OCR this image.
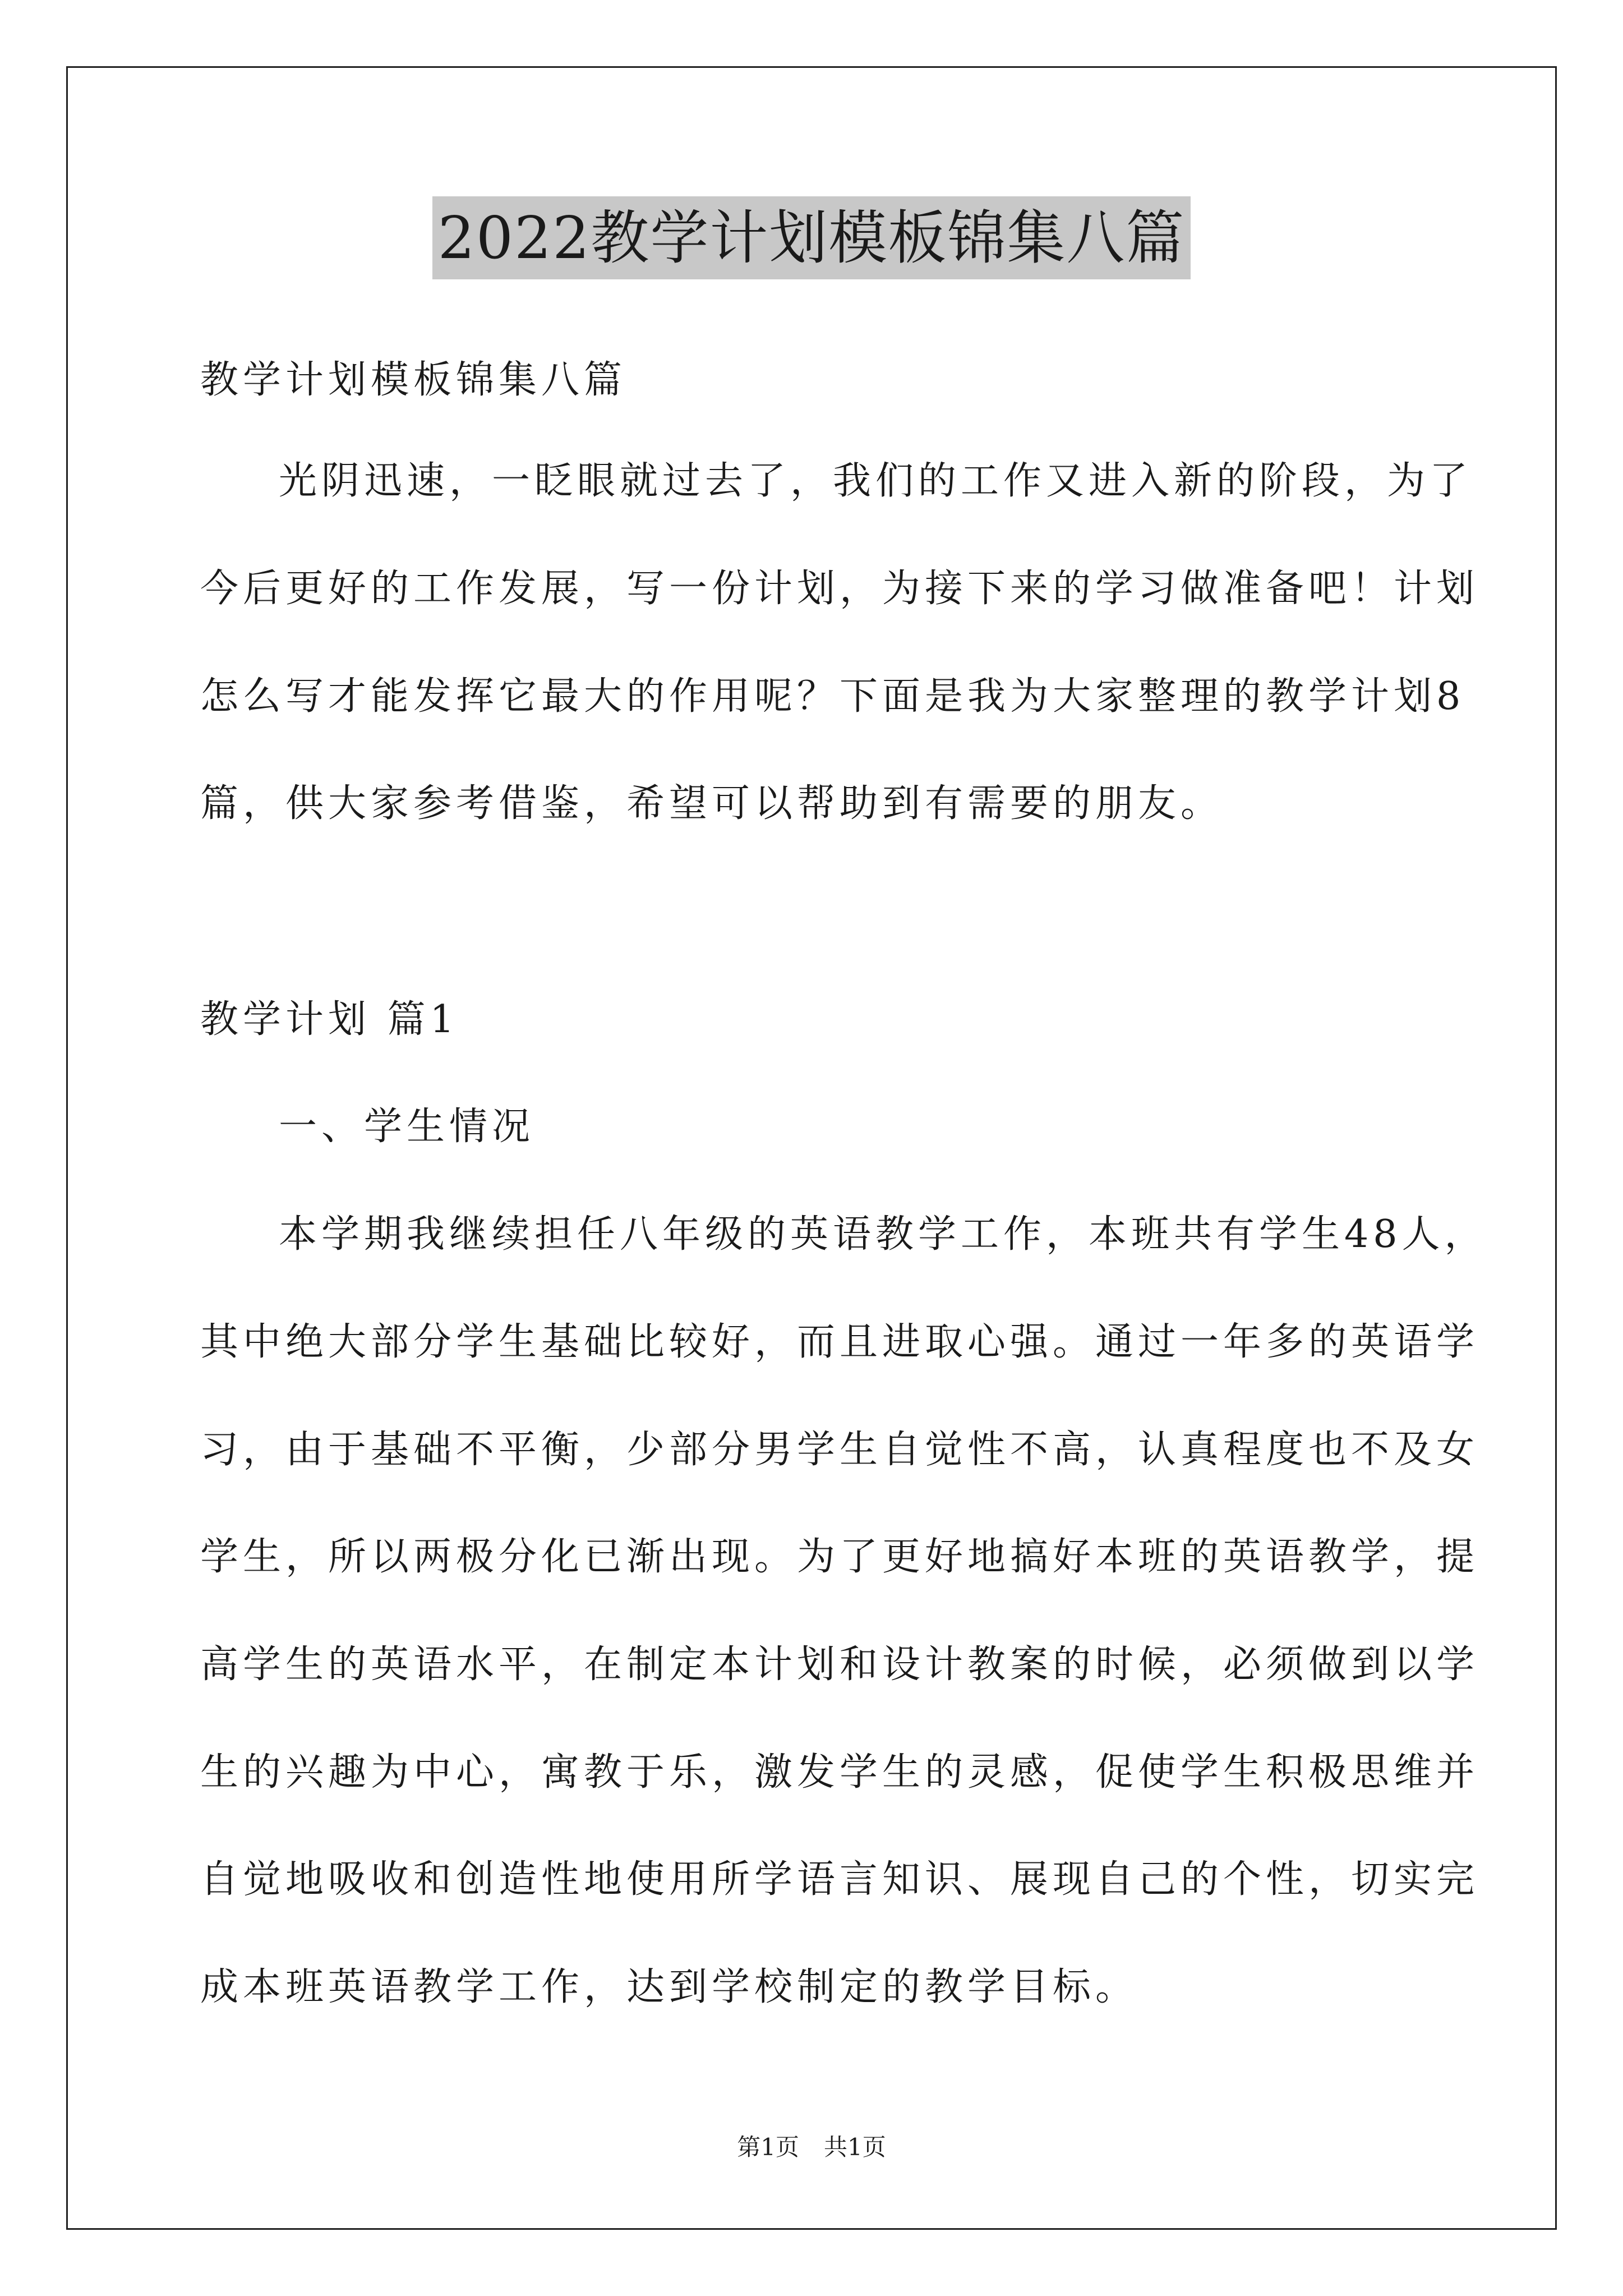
2022教学计划模板锦集八篇
教学计划模板锦集八篇
光阴迅速，一眨眼就过去了，我们的工作又进入新的阶段，为了
今后更好的工作发展，写一份计划，为接下来的学习做准备吧！计划
怎么写才能发挥它最大的作用呢？下面是我为大家整理的教学计划8
篇，供大家参考借鉴，希望可以帮助到有需要的朋友。
教学计划 篇1
一、学生情况
本学期我继续担任八年级的英语教学工作，本班共有学生48人，
其中绝大部分学生基础比较好，而且进取心强。通过一年多的英语学
习，由于基础不平衡，少部分男学生自觉性不高，认真程度也不及女
学生，所以两极分化已渐出现。为了更好地搞好本班的英语教学，提
高学生的英语水平，在制定本计划和设计教案的时候，必须做到以学
生的兴趣为中心，寓教于乐，激发学生的灵感，促使学生积极思维并
自觉地吸收和创造性地使用所学语言知识、展现自己的个性，切实完
成本班英语教学工作，达到学校制定的教学目标。
第1页 共1页
